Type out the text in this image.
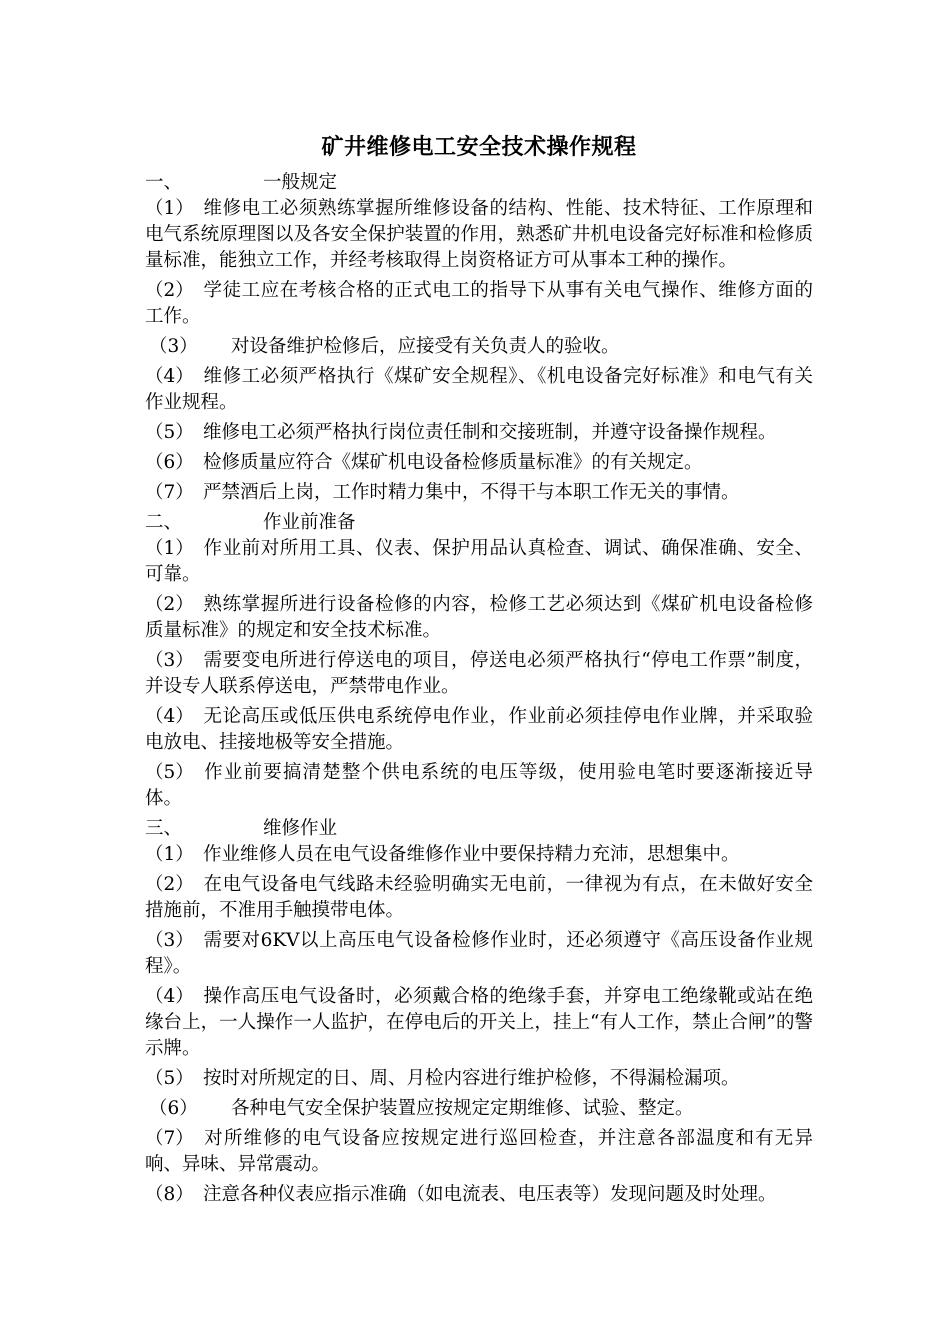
矿井维修电工安全技术操作规程
一、	一般规定

（1） 维修电工必须熟练掌握所维修设备的结构、性能、技术特征、工作原理和电气系统原理图以及各安全保护装置的作用，熟悉矿井机电设备完好标准和检修质量标准，能独立工作，并经考核取得上岗资格证方可从事本工种的操作。

（2） 学徒工应在考核合格的正式电工的指导下从事有关电气操作、维修方面的工作。

（3） 对设备维护检修后，应接受有关负责人的验收。

（4） 维修工必须严格执行《煤矿安全规程》、《机电设备完好标准》和电气有关作业规程。

（5） 维修电工必须严格执行岗位责任制和交接班制，并遵守设备操作规程。

（6） 检修质量应符合《煤矿机电设备检修质量标准》的有关规定。

（7） 严禁酒后上岗，工作时精力集中，不得干与本职工作无关的事情。

二、	作业前准备

（1） 作业前对所用工具、仪表、保护用品认真检查、调试、确保准确、安全、可靠。

（2） 熟练掌握所进行设备检修的内容，检修工艺必须达到《煤矿机电设备检修质量标准》的规定和安全技术标准。

（3） 需要变电所进行停送电的项目，停送电必须严格执行“停电工作票”制度，并设专人联系停送电，严禁带电作业。

（4） 无论高压或低压供电系统停电作业，作业前必须挂停电作业牌，并采取验电放电、挂接地极等安全措施。

（5） 作业前要搞清楚整个供电系统的电压等级，使用验电笔时要逐渐接近导体。

三、	维修作业

（1） 作业维修人员在电气设备维修作业中要保持精力充沛，思想集中。

（2） 在电气设备电气线路未经验明确实无电前，一律视为有点，在未做好安全措施前，不准用手触摸带电体。

（3） 需要对6KV以上高压电气设备检修作业时，还必须遵守《高压设备作业规程》。

（4） 操作高压电气设备时，必须戴合格的绝缘手套，并穿电工绝缘靴或站在绝缘台上，一人操作一人监护，在停电后的开关上，挂上“有人工作，禁止合闸”的警示牌。

（5） 按时对所规定的日、周、月检内容进行维护检修，不得漏检漏项。

（6） 各种电气安全保护装置应按规定定期维修、试验、整定。

（7） 对所维修的电气设备应按规定进行巡回检查，并注意各部温度和有无异响、异味、异常震动。

（8） 注意各种仪表应指示准确（如电流表、电压表等）发现问题及时处理。
